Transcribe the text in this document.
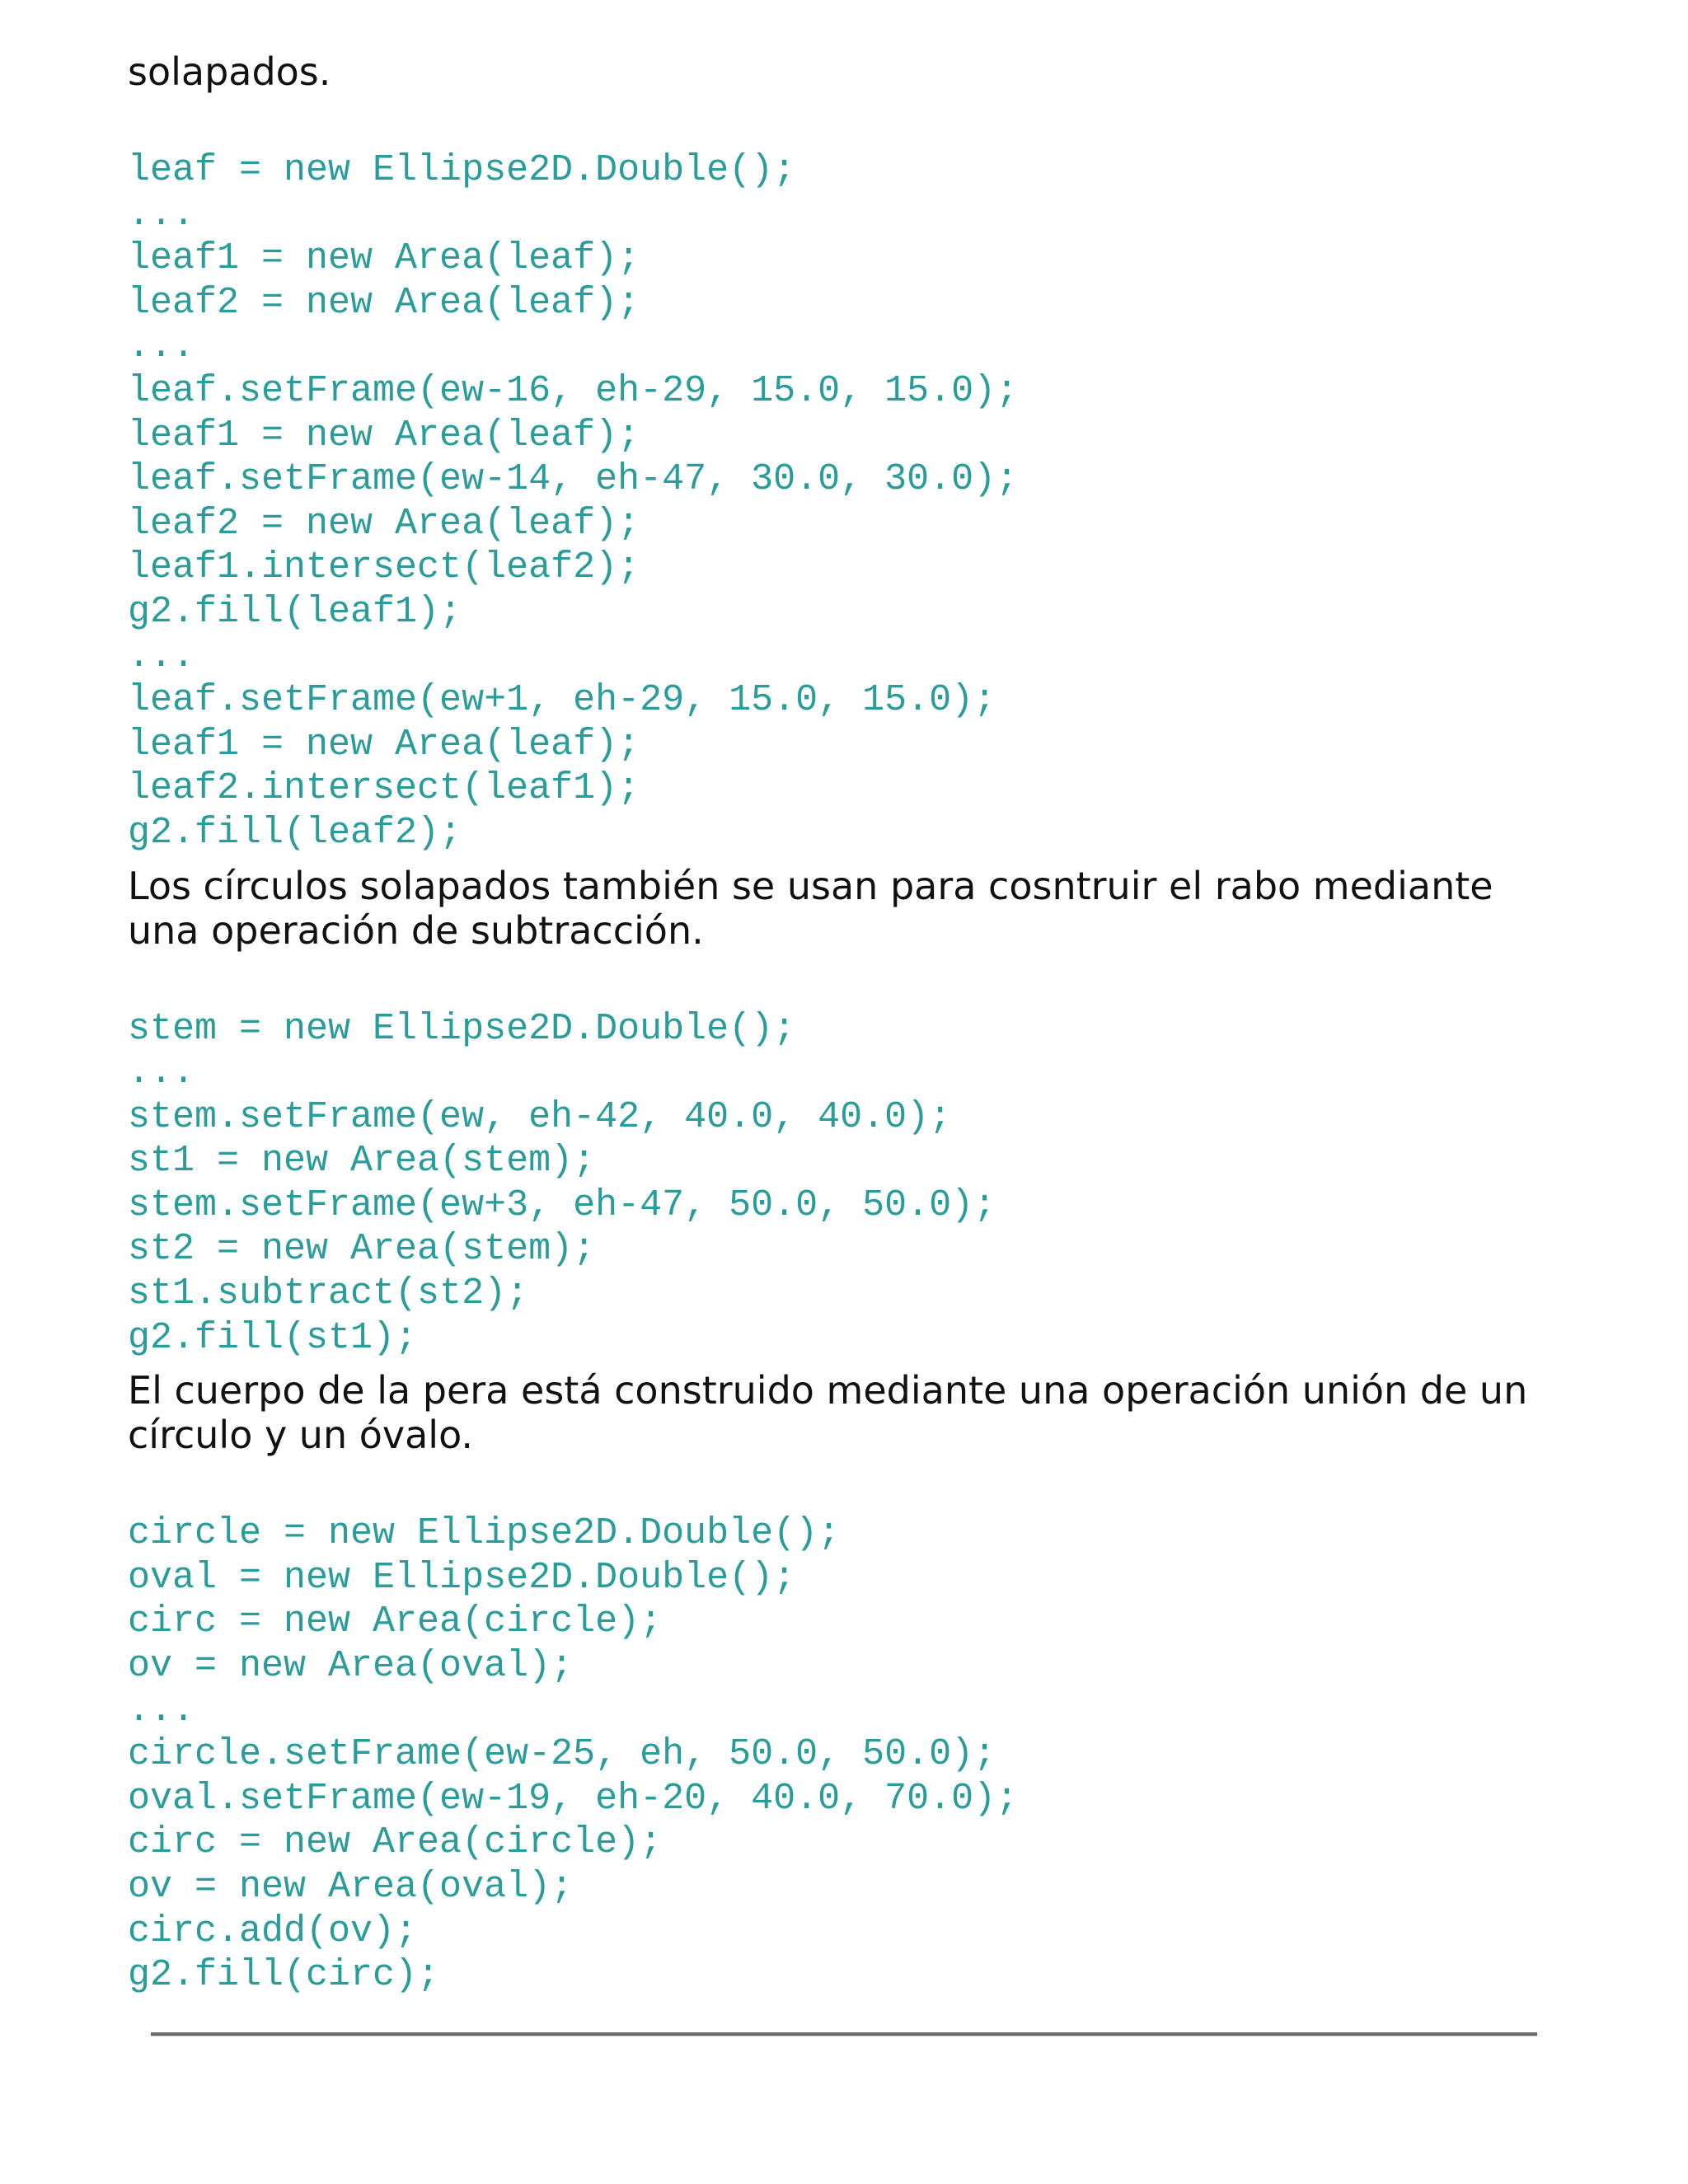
solapados.

leaf = new Ellipse2D.Double();
...
leaf1 = new Area(leaf);
leaf2 = new Area(leaf);
...
leaf.setFrame(ew-16, eh-29, 15.0, 15.0);
leaf1 = new Area(leaf);
leaf.setFrame(ew-14, eh-47, 30.0, 30.0);
leaf2 = new Area(leaf);
leaf1.intersect(leaf2);
g2.fill(leaf1);
...
leaf.setFrame(ew+1, eh-29, 15.0, 15.0);
leaf1 = new Area(leaf);
leaf2.intersect(leaf1);
g2.fill(leaf2);

Los círculos solapados también se usan para cosntruir el rabo mediante una operación de subtracción.

stem = new Ellipse2D.Double();
...
stem.setFrame(ew, eh-42, 40.0, 40.0);
st1 = new Area(stem);
stem.setFrame(ew+3, eh-47, 50.0, 50.0);
st2 = new Area(stem);
st1.subtract(st2);
g2.fill(st1);

El cuerpo de la pera está construido mediante una operación unión de un círculo y un óvalo.

circle = new Ellipse2D.Double();
oval = new Ellipse2D.Double();
circ = new Area(circle);
ov = new Area(oval);
...
circle.setFrame(ew-25, eh, 50.0, 50.0);
oval.setFrame(ew-19, eh-20, 40.0, 70.0);
circ = new Area(circle);
ov = new Area(oval);
circ.add(ov);
g2.fill(circ);
